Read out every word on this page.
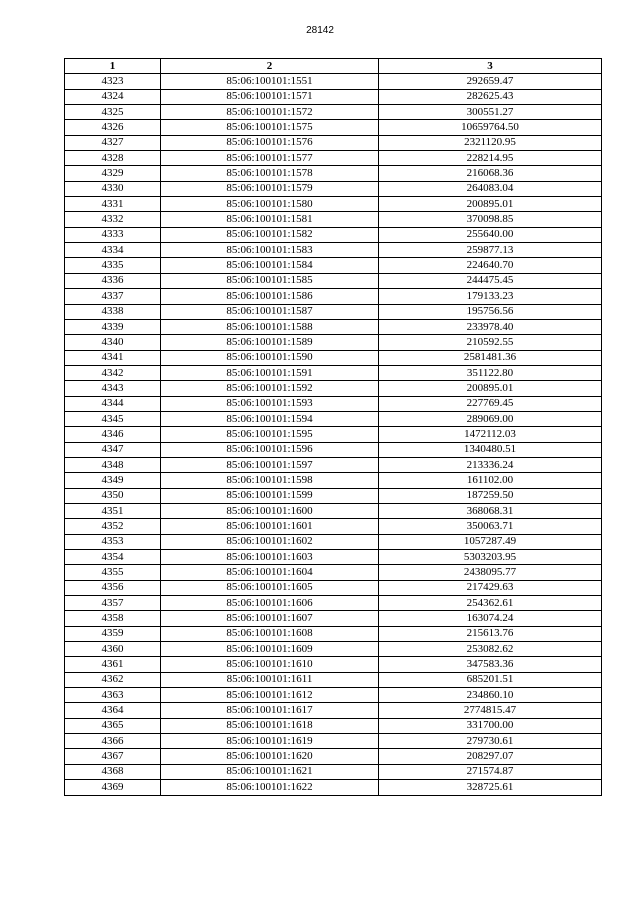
28142
1	2	3
4323	85:06:100101:1551	292659.47
4324	85:06:100101:1571	282625.43
4325	85:06:100101:1572	300551.27
4326	85:06:100101:1575	10659764.50
4327	85:06:100101:1576	2321120.95
4328	85:06:100101:1577	228214.95
4329	85:06:100101:1578	216068.36
4330	85:06:100101:1579	264083.04
4331	85:06:100101:1580	200895.01
4332	85:06:100101:1581	370098.85
4333	85:06:100101:1582	255640.00
4334	85:06:100101:1583	259877.13
4335	85:06:100101:1584	224640.70
4336	85:06:100101:1585	244475.45
4337	85:06:100101:1586	179133.23
4338	85:06:100101:1587	195756.56
4339	85:06:100101:1588	233978.40
4340	85:06:100101:1589	210592.55
4341	85:06:100101:1590	2581481.36
4342	85:06:100101:1591	351122.80
4343	85:06:100101:1592	200895.01
4344	85:06:100101:1593	227769.45
4345	85:06:100101:1594	289069.00
4346	85:06:100101:1595	1472112.03
4347	85:06:100101:1596	1340480.51
4348	85:06:100101:1597	213336.24
4349	85:06:100101:1598	161102.00
4350	85:06:100101:1599	187259.50
4351	85:06:100101:1600	368068.31
4352	85:06:100101:1601	350063.71
4353	85:06:100101:1602	1057287.49
4354	85:06:100101:1603	5303203.95
4355	85:06:100101:1604	2438095.77
4356	85:06:100101:1605	217429.63
4357	85:06:100101:1606	254362.61
4358	85:06:100101:1607	163074.24
4359	85:06:100101:1608	215613.76
4360	85:06:100101:1609	253082.62
4361	85:06:100101:1610	347583.36
4362	85:06:100101:1611	685201.51
4363	85:06:100101:1612	234860.10
4364	85:06:100101:1617	2774815.47
4365	85:06:100101:1618	331700.00
4366	85:06:100101:1619	279730.61
4367	85:06:100101:1620	208297.07
4368	85:06:100101:1621	271574.87
4369	85:06:100101:1622	328725.61
